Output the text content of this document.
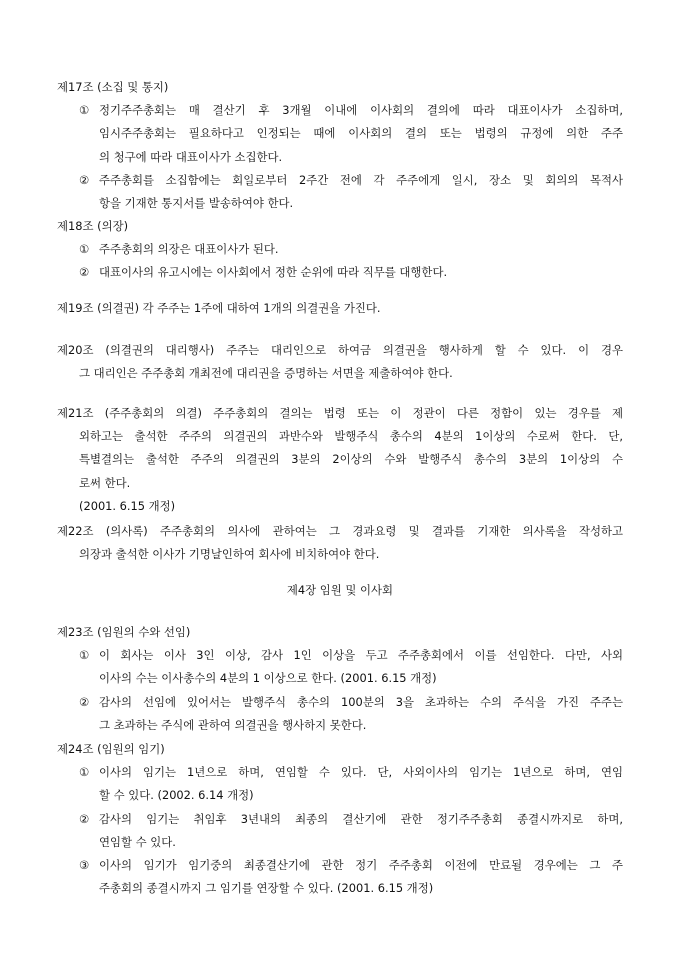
제17조 (소집 및 통지)
① 정기주주총회는 매 결산기 후 3개월 이내에 이사회의 결의에 따라 대표이사가 소집하며,
임시주주총회는 필요하다고 인정되는 때에 이사회의 결의 또는 법령의 규정에 의한 주주
의 청구에 따라 대표이사가 소집한다.
② 주주총회를 소집함에는 회일로부터 2주간 전에 각 주주에게 일시, 장소 및 회의의 목적사
항을 기재한 통지서를 발송하여야 한다.
제18조 (의장)
① 주주총회의 의장은 대표이사가 된다.
② 대표이사의 유고시에는 이사회에서 정한 순위에 따라 직무를 대행한다.
제19조 (의결권) 각 주주는 1주에 대하여 1개의 의결권을 가진다.
제20조 (의결권의 대리행사) 주주는 대리인으로 하여금 의결권을 행사하게 할 수 있다. 이 경우
그 대리인은 주주총회 개최전에 대리권을 증명하는 서면을 제출하여야 한다.
제21조 (주주총회의 의결) 주주총회의 결의는 법령 또는 이 정관이 다른 정함이 있는 경우를 제
외하고는 출석한 주주의 의결권의 과반수와 발행주식 총수의 4분의 1이상의 수로써 한다. 단,
특별결의는 출석한 주주의 의결권의 3분의 2이상의 수와 발행주식 총수의 3분의 1이상의 수
로써 한다.
(2001. 6.15 개정)
제22조 (의사록) 주주총회의 의사에 관하여는 그 경과요령 및 결과를 기재한 의사록을 작성하고
의장과 출석한 이사가 기명날인하여 회사에 비치하여야 한다.
제4장 임원 및 이사회
제23조 (임원의 수와 선임)
① 이 회사는 이사 3인 이상, 감사 1인 이상을 두고 주주총회에서 이를 선임한다. 다만, 사외
이사의 수는 이사총수의 4분의 1 이상으로 한다. (2001. 6.15 개정)
② 감사의 선임에 있어서는 발행주식 총수의 100분의 3을 초과하는 수의 주식을 가진 주주는
그 초과하는 주식에 관하여 의결권을 행사하지 못한다.
제24조 (임원의 임기)
① 이사의 임기는 1년으로 하며, 연임할 수 있다. 단, 사외이사의 임기는 1년으로 하며, 연임
할 수 있다. (2002. 6.14 개정)
② 감사의 임기는 취임후 3년내의 최종의 결산기에 관한 정기주주총회 종결시까지로 하며,
연임할 수 있다.
③ 이사의 임기가 임기중의 최종결산기에 관한 정기 주주총회 이전에 만료될 경우에는 그 주
주총회의 종결시까지 그 임기를 연장할 수 있다. (2001. 6.15 개정)
